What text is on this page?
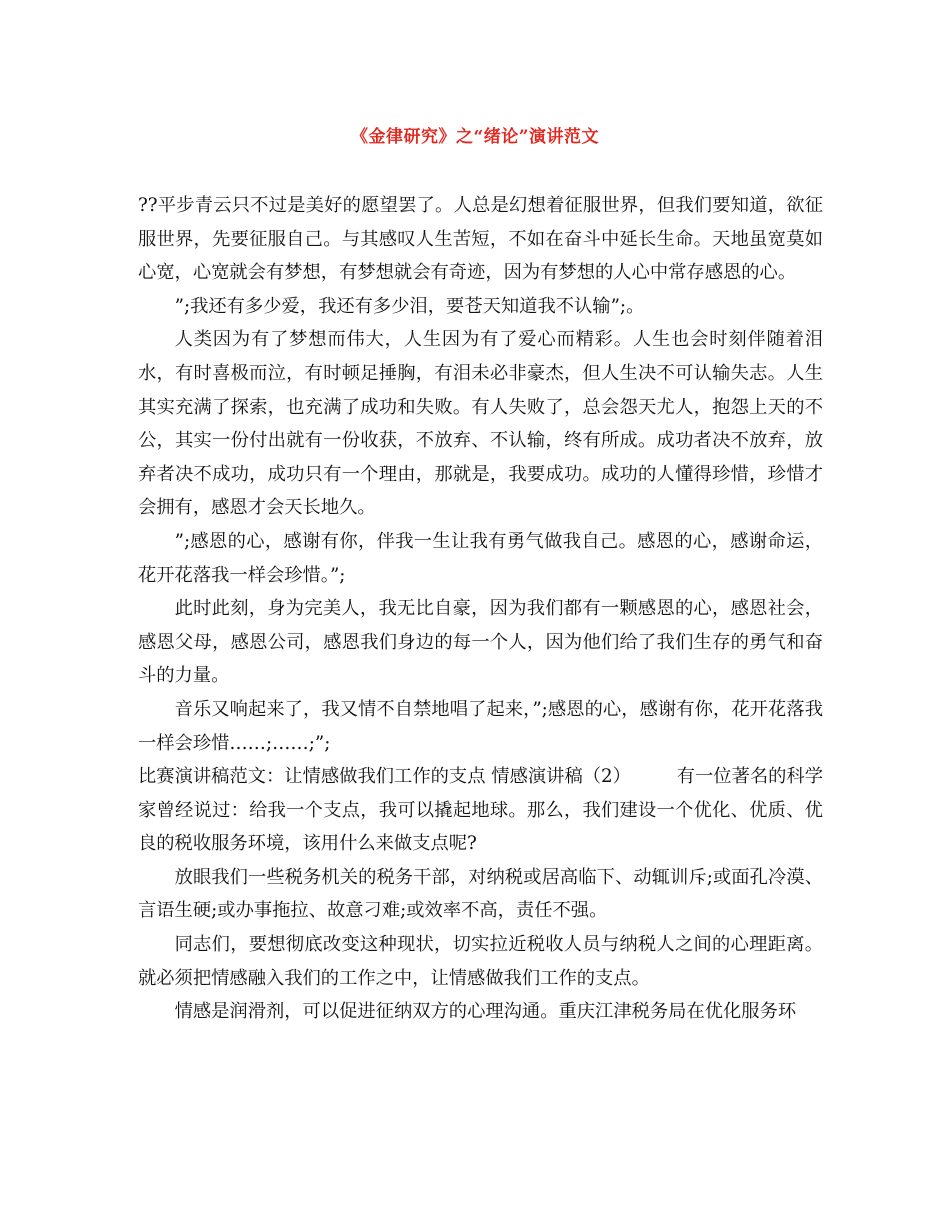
《金律研究》之“绪论”演讲范文

??平步青云只不过是美好的愿望罢了。人总是幻想着征服世界，但我们要知道，欲征服世界，先要征服自己。与其感叹人生苦短，不如在奋斗中延长生命。天地虽宽莫如心宽，心宽就会有梦想，有梦想就会有奇迹，因为有梦想的人心中常存感恩的心。

”;我还有多少爱，我还有多少泪，要苍天知道我不认输”;。

人类因为有了梦想而伟大，人生因为有了爱心而精彩。人生也会时刻伴随着泪水，有时喜极而泣，有时顿足捶胸，有泪未必非豪杰，但人生决不可认输失志。人生其实充满了探索，也充满了成功和失败。有人失败了，总会怨天尤人，抱怨上天的不公，其实一份付出就有一份收获，不放弃、不认输，终有所成。成功者决不放弃，放弃者决不成功，成功只有一个理由，那就是，我要成功。成功的人懂得珍惜，珍惜才会拥有，感恩才会天长地久。

”;感恩的心，感谢有你，伴我一生让我有勇气做我自己。感恩的心，感谢命运，花开花落我一样会珍惜。”;

此时此刻，身为完美人，我无比自豪，因为我们都有一颗感恩的心，感恩社会，感恩父母，感恩公司，感恩我们身边的每一个人，因为他们给了我们生存的勇气和奋斗的力量。

音乐又响起来了，我又情不自禁地唱了起来，”;感恩的心，感谢有你，花开花落我一样会珍惜……;……;”;

比赛演讲稿范文：让情感做我们工作的支点 情感演讲稿（2）　　　有一位著名的科学家曾经说过：给我一个支点，我可以撬起地球。那么，我们建设一个优化、优质、优良的税收服务环境，该用什么来做支点呢?

放眼我们一些税务机关的税务干部，对纳税或居高临下、动辄训斥;或面孔冷漠、言语生硬;或办事拖拉、故意刁难;或效率不高，责任不强。

同志们，要想彻底改变这种现状，切实拉近税收人员与纳税人之间的心理距离。就必须把情感融入我们的工作之中，让情感做我们工作的支点。

情感是润滑剂，可以促进征纳双方的心理沟通。重庆江津税务局在优化服务环
